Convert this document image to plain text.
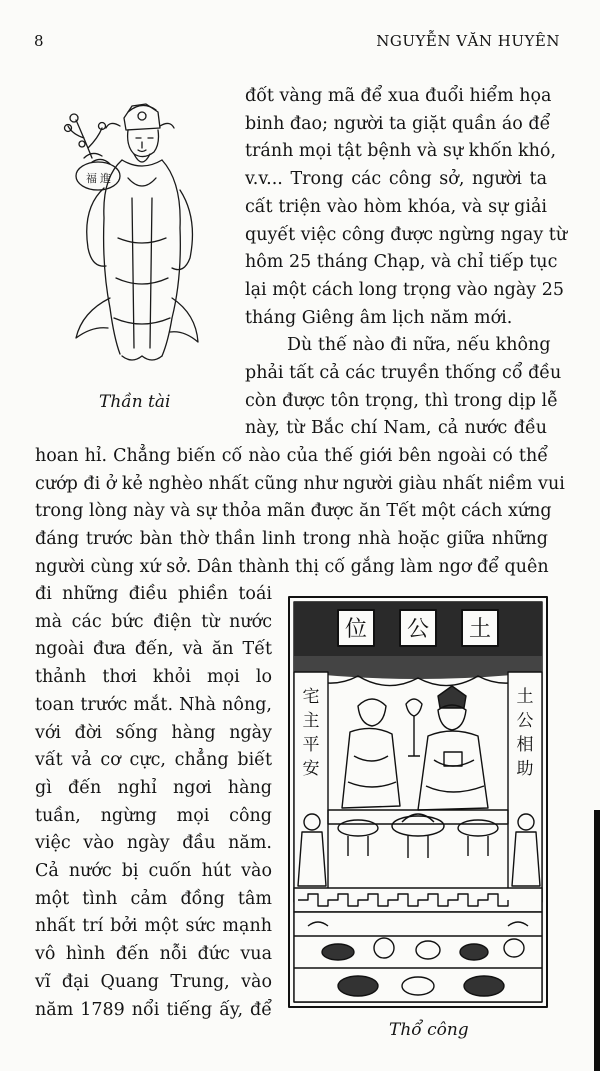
8	NGUYỄN VĂN HUYÊN
đốt vàng mã để xua đuổi hiểm họa
binh đao; người ta giặt quần áo để
tránh mọi tật bệnh và sự khốn khó,
v.v... Trong các công sở, người ta
cất triện vào hòm khóa, và sự giải
quyết việc công được ngừng ngay từ
hôm 25 tháng Chạp, và chỉ tiếp tục
lại một cách long trọng vào ngày 25
tháng Giêng âm lịch năm mới.
Dù thế nào đi nữa, nếu không
phải tất cả các truyền thống cổ đều
còn được tôn trọng, thì trong dịp lễ
này, từ Bắc chí Nam, cả nước đều
hoan hỉ. Chẳng biến cố nào của thế giới bên ngoài có thể
cướp đi ở kẻ nghèo nhất cũng như người giàu nhất niềm vui
trong lòng này và sự thỏa mãn được ăn Tết một cách xứng
đáng trước bàn thờ thần linh trong nhà hoặc giữa những
người cùng xứ sở. Dân thành thị cố gắng làm ngơ để quên
đi những điều phiền toái
mà các bức điện từ nước
ngoài đưa đến, và ăn Tết
thảnh thơi khỏi mọi lo
toan trước mắt. Nhà nông,
với đời sống hàng ngày
vất vả cơ cực, chẳng biết
gì đến nghỉ ngơi hàng
tuần, ngừng mọi công
việc vào ngày đầu năm.
Cả nước bị cuốn hút vào
một tình cảm đồng tâm
nhất trí bởi một sức mạnh
vô hình đến nỗi đức vua
vĩ đại Quang Trung, vào
năm 1789 nổi tiếng ấy, để
福 進
Thần tài
位 公 土
宅
主
平
安
土
公
相
助
Thổ công
